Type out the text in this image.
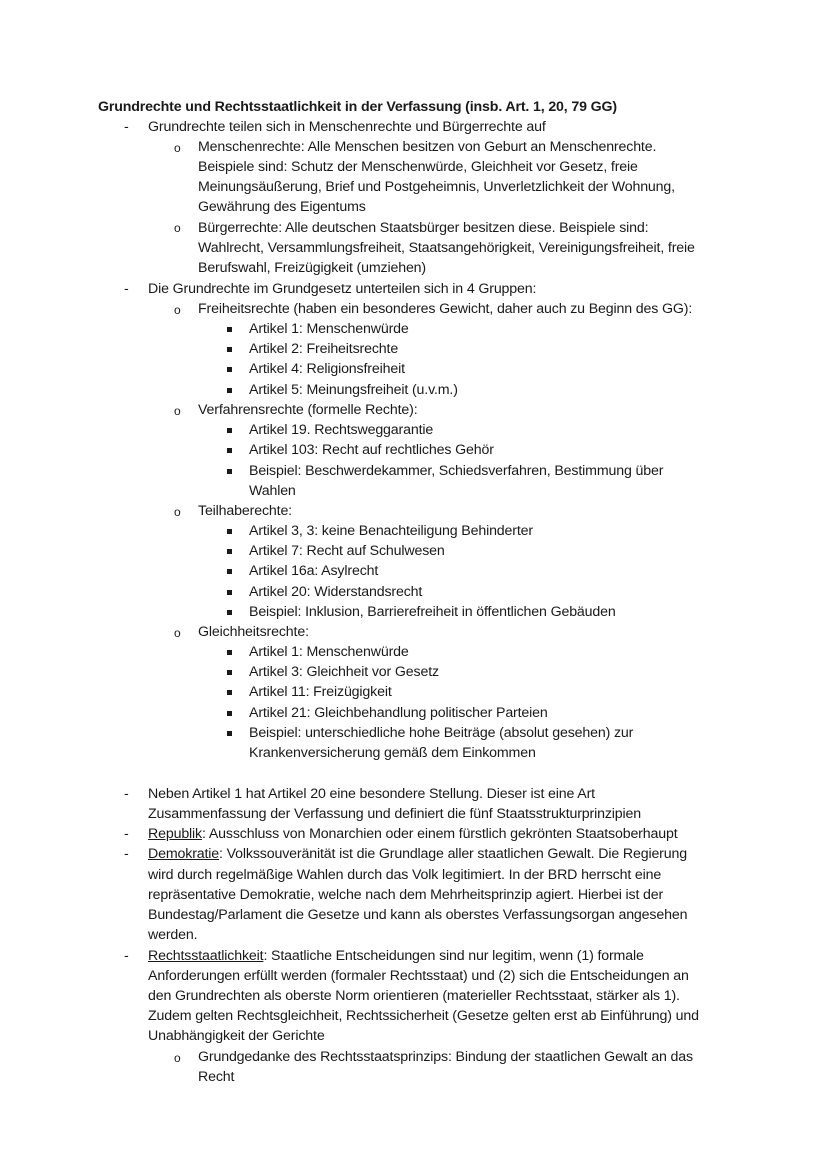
Grundrechte und Rechtsstaatlichkeit in der Verfassung (insb. Art. 1, 20, 79 GG)
- Grundrechte teilen sich in Menschenrechte und Bürgerrechte auf
o Menschenrechte: Alle Menschen besitzen von Geburt an Menschenrechte.
Beispiele sind: Schutz der Menschenwürde, Gleichheit vor Gesetz, freie
Meinungsäußerung, Brief und Postgeheimnis, Unverletzlichkeit der Wohnung,
Gewährung des Eigentums
o Bürgerrechte: Alle deutschen Staatsbürger besitzen diese. Beispiele sind:
Wahlrecht, Versammlungsfreiheit, Staatsangehörigkeit, Vereinigungsfreiheit, freie
Berufswahl, Freizügigkeit (umziehen)
- Die Grundrechte im Grundgesetz unterteilen sich in 4 Gruppen:
o Freiheitsrechte (haben ein besonderes Gewicht, daher auch zu Beginn des GG):
Artikel 1: Menschenwürde
Artikel 2: Freiheitsrechte
Artikel 4: Religionsfreiheit
Artikel 5: Meinungsfreiheit (u.v.m.)
o Verfahrensrechte (formelle Rechte):
Artikel 19. Rechtsweggarantie
Artikel 103: Recht auf rechtliches Gehör
Beispiel: Beschwerdekammer, Schiedsverfahren, Bestimmung über
Wahlen
o Teilhaberechte:
Artikel 3, 3: keine Benachteiligung Behinderter
Artikel 7: Recht auf Schulwesen
Artikel 16a: Asylrecht
Artikel 20: Widerstandsrecht
Beispiel: Inklusion, Barrierefreiheit in öffentlichen Gebäuden
o Gleichheitsrechte:
Artikel 1: Menschenwürde
Artikel 3: Gleichheit vor Gesetz
Artikel 11: Freizügigkeit
Artikel 21: Gleichbehandlung politischer Parteien
Beispiel: unterschiedliche hohe Beiträge (absolut gesehen) zur
Krankenversicherung gemäß dem Einkommen
- Neben Artikel 1 hat Artikel 20 eine besondere Stellung. Dieser ist eine Art
Zusammenfassung der Verfassung und definiert die fünf Staatsstrukturprinzipien
- Republik: Ausschluss von Monarchien oder einem fürstlich gekrönten Staatsoberhaupt
- Demokratie: Volkssouveränität ist die Grundlage aller staatlichen Gewalt. Die Regierung
wird durch regelmäßige Wahlen durch das Volk legitimiert. In der BRD herrscht eine
repräsentative Demokratie, welche nach dem Mehrheitsprinzip agiert. Hierbei ist der
Bundestag/Parlament die Gesetze und kann als oberstes Verfassungsorgan angesehen
werden.
- Rechtsstaatlichkeit: Staatliche Entscheidungen sind nur legitim, wenn (1) formale
Anforderungen erfüllt werden (formaler Rechtsstaat) und (2) sich die Entscheidungen an
den Grundrechten als oberste Norm orientieren (materieller Rechtsstaat, stärker als 1).
Zudem gelten Rechtsgleichheit, Rechtssicherheit (Gesetze gelten erst ab Einführung) und
Unabhängigkeit der Gerichte
o Grundgedanke des Rechtsstaatsprinzips: Bindung der staatlichen Gewalt an das
Recht
